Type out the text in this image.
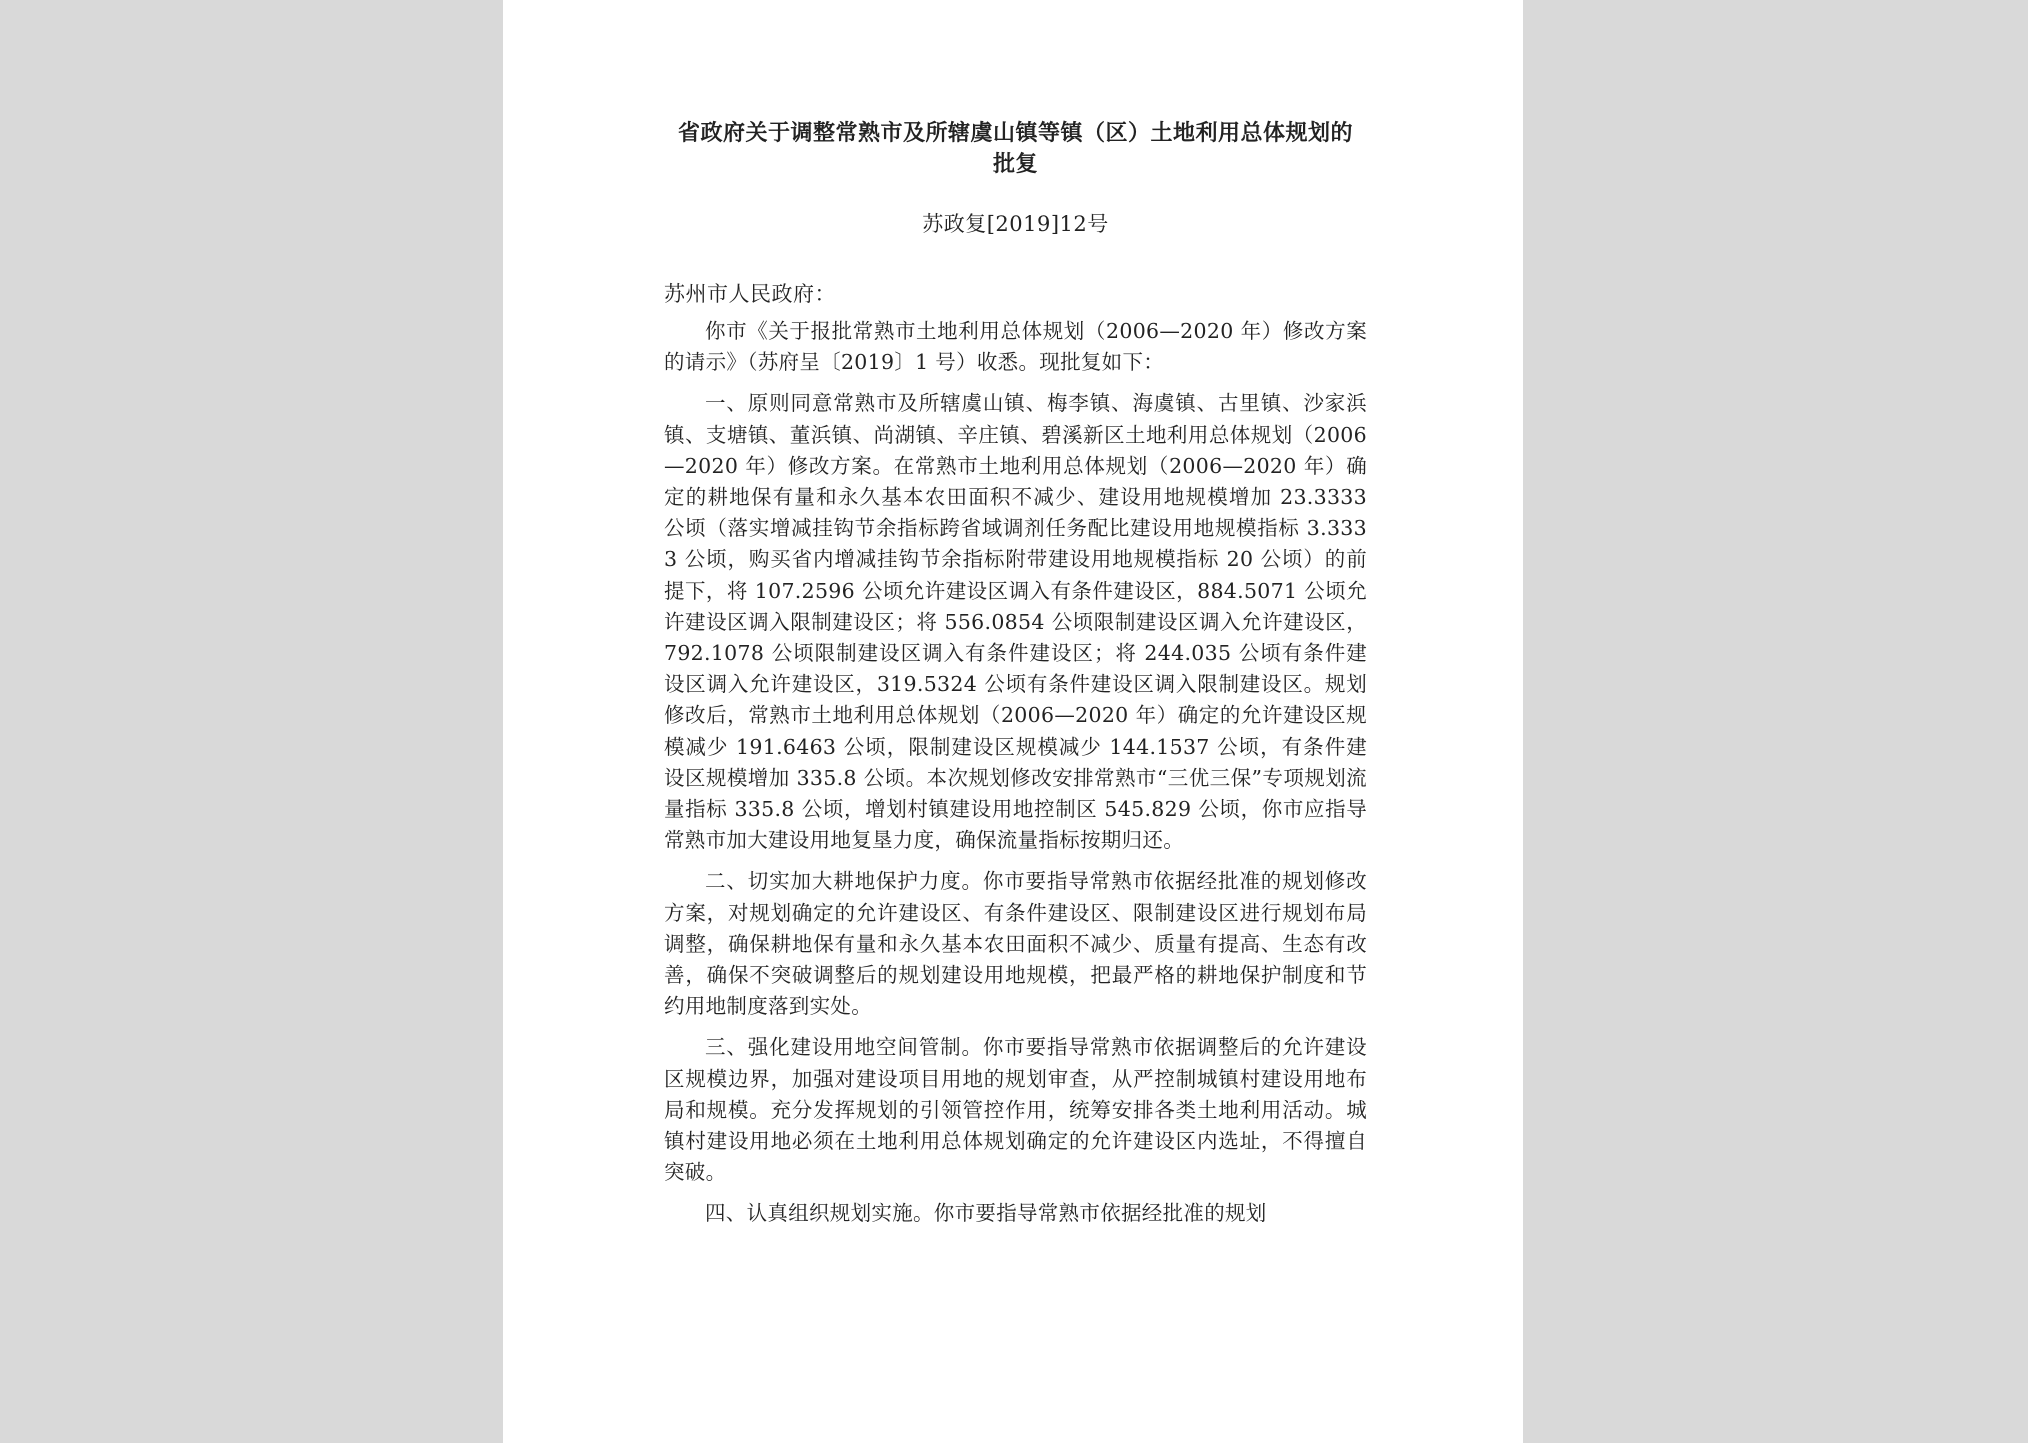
省政府关于调整常熟市及所辖虞山镇等镇（区）土地利用总体规划的批复
苏政复[2019]12号
苏州市人民政府：

你市《关于报批常熟市土地利用总体规划（2006—2020 年）修改方案的请示》（苏府呈〔2019〕1 号）收悉。现批复如下：

一、原则同意常熟市及所辖虞山镇、梅李镇、海虞镇、古里镇、沙家浜镇、支塘镇、董浜镇、尚湖镇、辛庄镇、碧溪新区土地利用总体规划（2006—2020 年）修改方案。在常熟市土地利用总体规划（2006—2020 年）确定的耕地保有量和永久基本农田面积不减少、建设用地规模增加 23.3333 公顷（落实增减挂钩节余指标跨省域调剂任务配比建设用地规模指标 3.3333 公顷，购买省内增减挂钩节余指标附带建设用地规模指标 20 公顷）的前提下，将 107.2596 公顷允许建设区调入有条件建设区，884.5071 公顷允许建设区调入限制建设区；将 556.0854 公顷限制建设区调入允许建设区，792.1078 公顷限制建设区调入有条件建设区；将 244.035 公顷有条件建设区调入允许建设区，319.5324 公顷有条件建设区调入限制建设区。规划修改后，常熟市土地利用总体规划（2006—2020 年）确定的允许建设区规模减少 191.6463 公顷，限制建设区规模减少 144.1537 公顷，有条件建设区规模增加 335.8 公顷。本次规划修改安排常熟市“三优三保”专项规划流量指标 335.8 公顷，增划村镇建设用地控制区 545.829 公顷，你市应指导常熟市加大建设用地复垦力度，确保流量指标按期归还。

二、切实加大耕地保护力度。你市要指导常熟市依据经批准的规划修改方案，对规划确定的允许建设区、有条件建设区、限制建设区进行规划布局调整，确保耕地保有量和永久基本农田面积不减少、质量有提高、生态有改善，确保不突破调整后的规划建设用地规模，把最严格的耕地保护制度和节约用地制度落到实处。

三、强化建设用地空间管制。你市要指导常熟市依据调整后的允许建设区规模边界，加强对建设项目用地的规划审查，从严控制城镇村建设用地布局和规模。充分发挥规划的引领管控作用，统筹安排各类土地利用活动。城镇村建设用地必须在土地利用总体规划确定的允许建设区内选址，不得擅自突破。

四、认真组织规划实施。你市要指导常熟市依据经批准的规划
